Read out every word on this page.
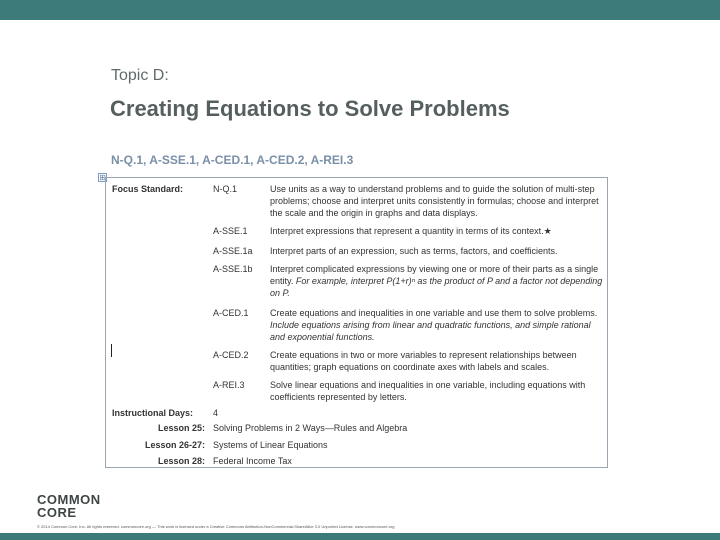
Topic D:
Creating Equations to Solve Problems
N-Q.1, A-SSE.1, A-CED.1, A-CED.2, A-REI.3
⊞
Focus Standard:	N-Q.1	Use units as a way to understand problems and to guide the solution of multi-step problems; choose and interpret units consistently in formulas; choose and interpret the scale and the origin in graphs and data displays.
A-SSE.1	Interpret expressions that represent a quantity in terms of its context.★
A-SSE.1a	Interpret parts of an expression, such as terms, factors, and coefficients.
A-SSE.1b	Interpret complicated expressions by viewing one or more of their parts as a single entity. For example, interpret P(1+r)ⁿ as the product of P and a factor not depending on P.
A-CED.1	Create equations and inequalities in one variable and use them to solve problems. Include equations arising from linear and quadratic functions, and simple rational and exponential functions.
A-CED.2	Create equations in two or more variables to represent relationships between quantities; graph equations on coordinate axes with labels and scales.
A-REI.3	Solve linear equations and inequalities in one variable, including equations with coefficients represented by letters.
Instructional Days:	4
Lesson 25: Solving Problems in 2 Ways—Rules and Algebra
Lesson 26-27: Systems of Linear Equations
Lesson 28: Federal Income Tax
COMMON
CORE
© 2014 Common Core, Inc. All rights reserved. commoncore.org — This work is licensed under a Creative Commons Attribution-NonCommercial-ShareAlike 3.0 Unported License. www.commoncore.org
